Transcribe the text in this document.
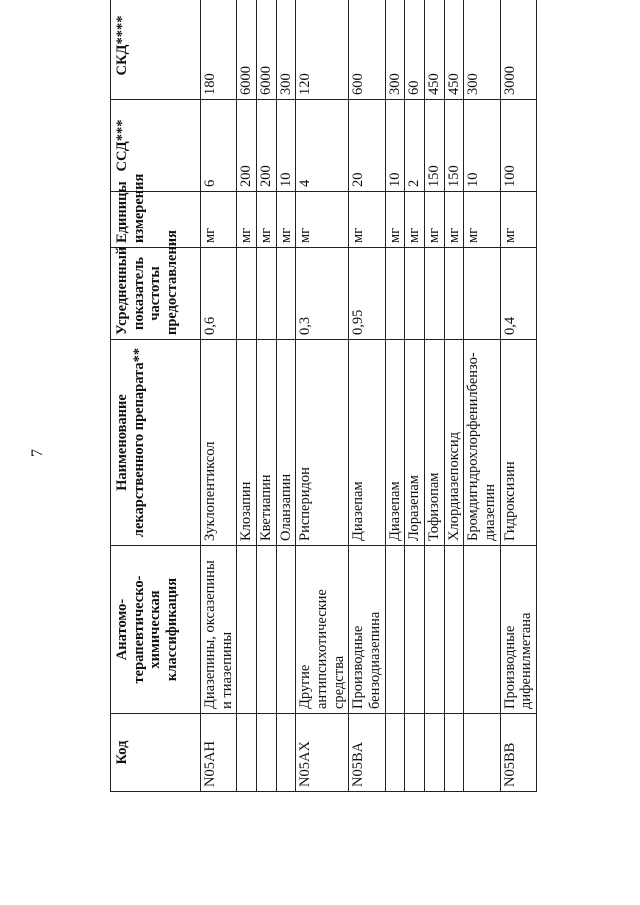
7
Код	Анатомо-терапевтическо-химическая классификация	Наименование лекарственного препарата**	Усредненный показатель частоты предоставления	Единицы измерения	ССД***	СКД****
N05AH	Диазепины, оксазепины и тиазепины	Зуклопентиксол	0,6	мг	6	180
		Клозапин		мг	200	6000
		Кветиапин		мг	200	6000
		Оланзапин		мг	10	300
N05AX	Другие антипсихотические средства	Рисперидон	0,3	мг	4	120
N05BA	Производные бензодиазепина	Диазепам	0,95	мг	20	600
		Диазепам		мг	10	300
		Лоразепам		мг	2	60
		Тофизопам		мг	150	450
		Хлордиазепоксид		мг	150	450
		Бромдигидрохлорфенилбензо-диазепин		мг	10	300
N05BB	Производные дифенилметана	Гидроксизин	0,4	мг	100	3000
